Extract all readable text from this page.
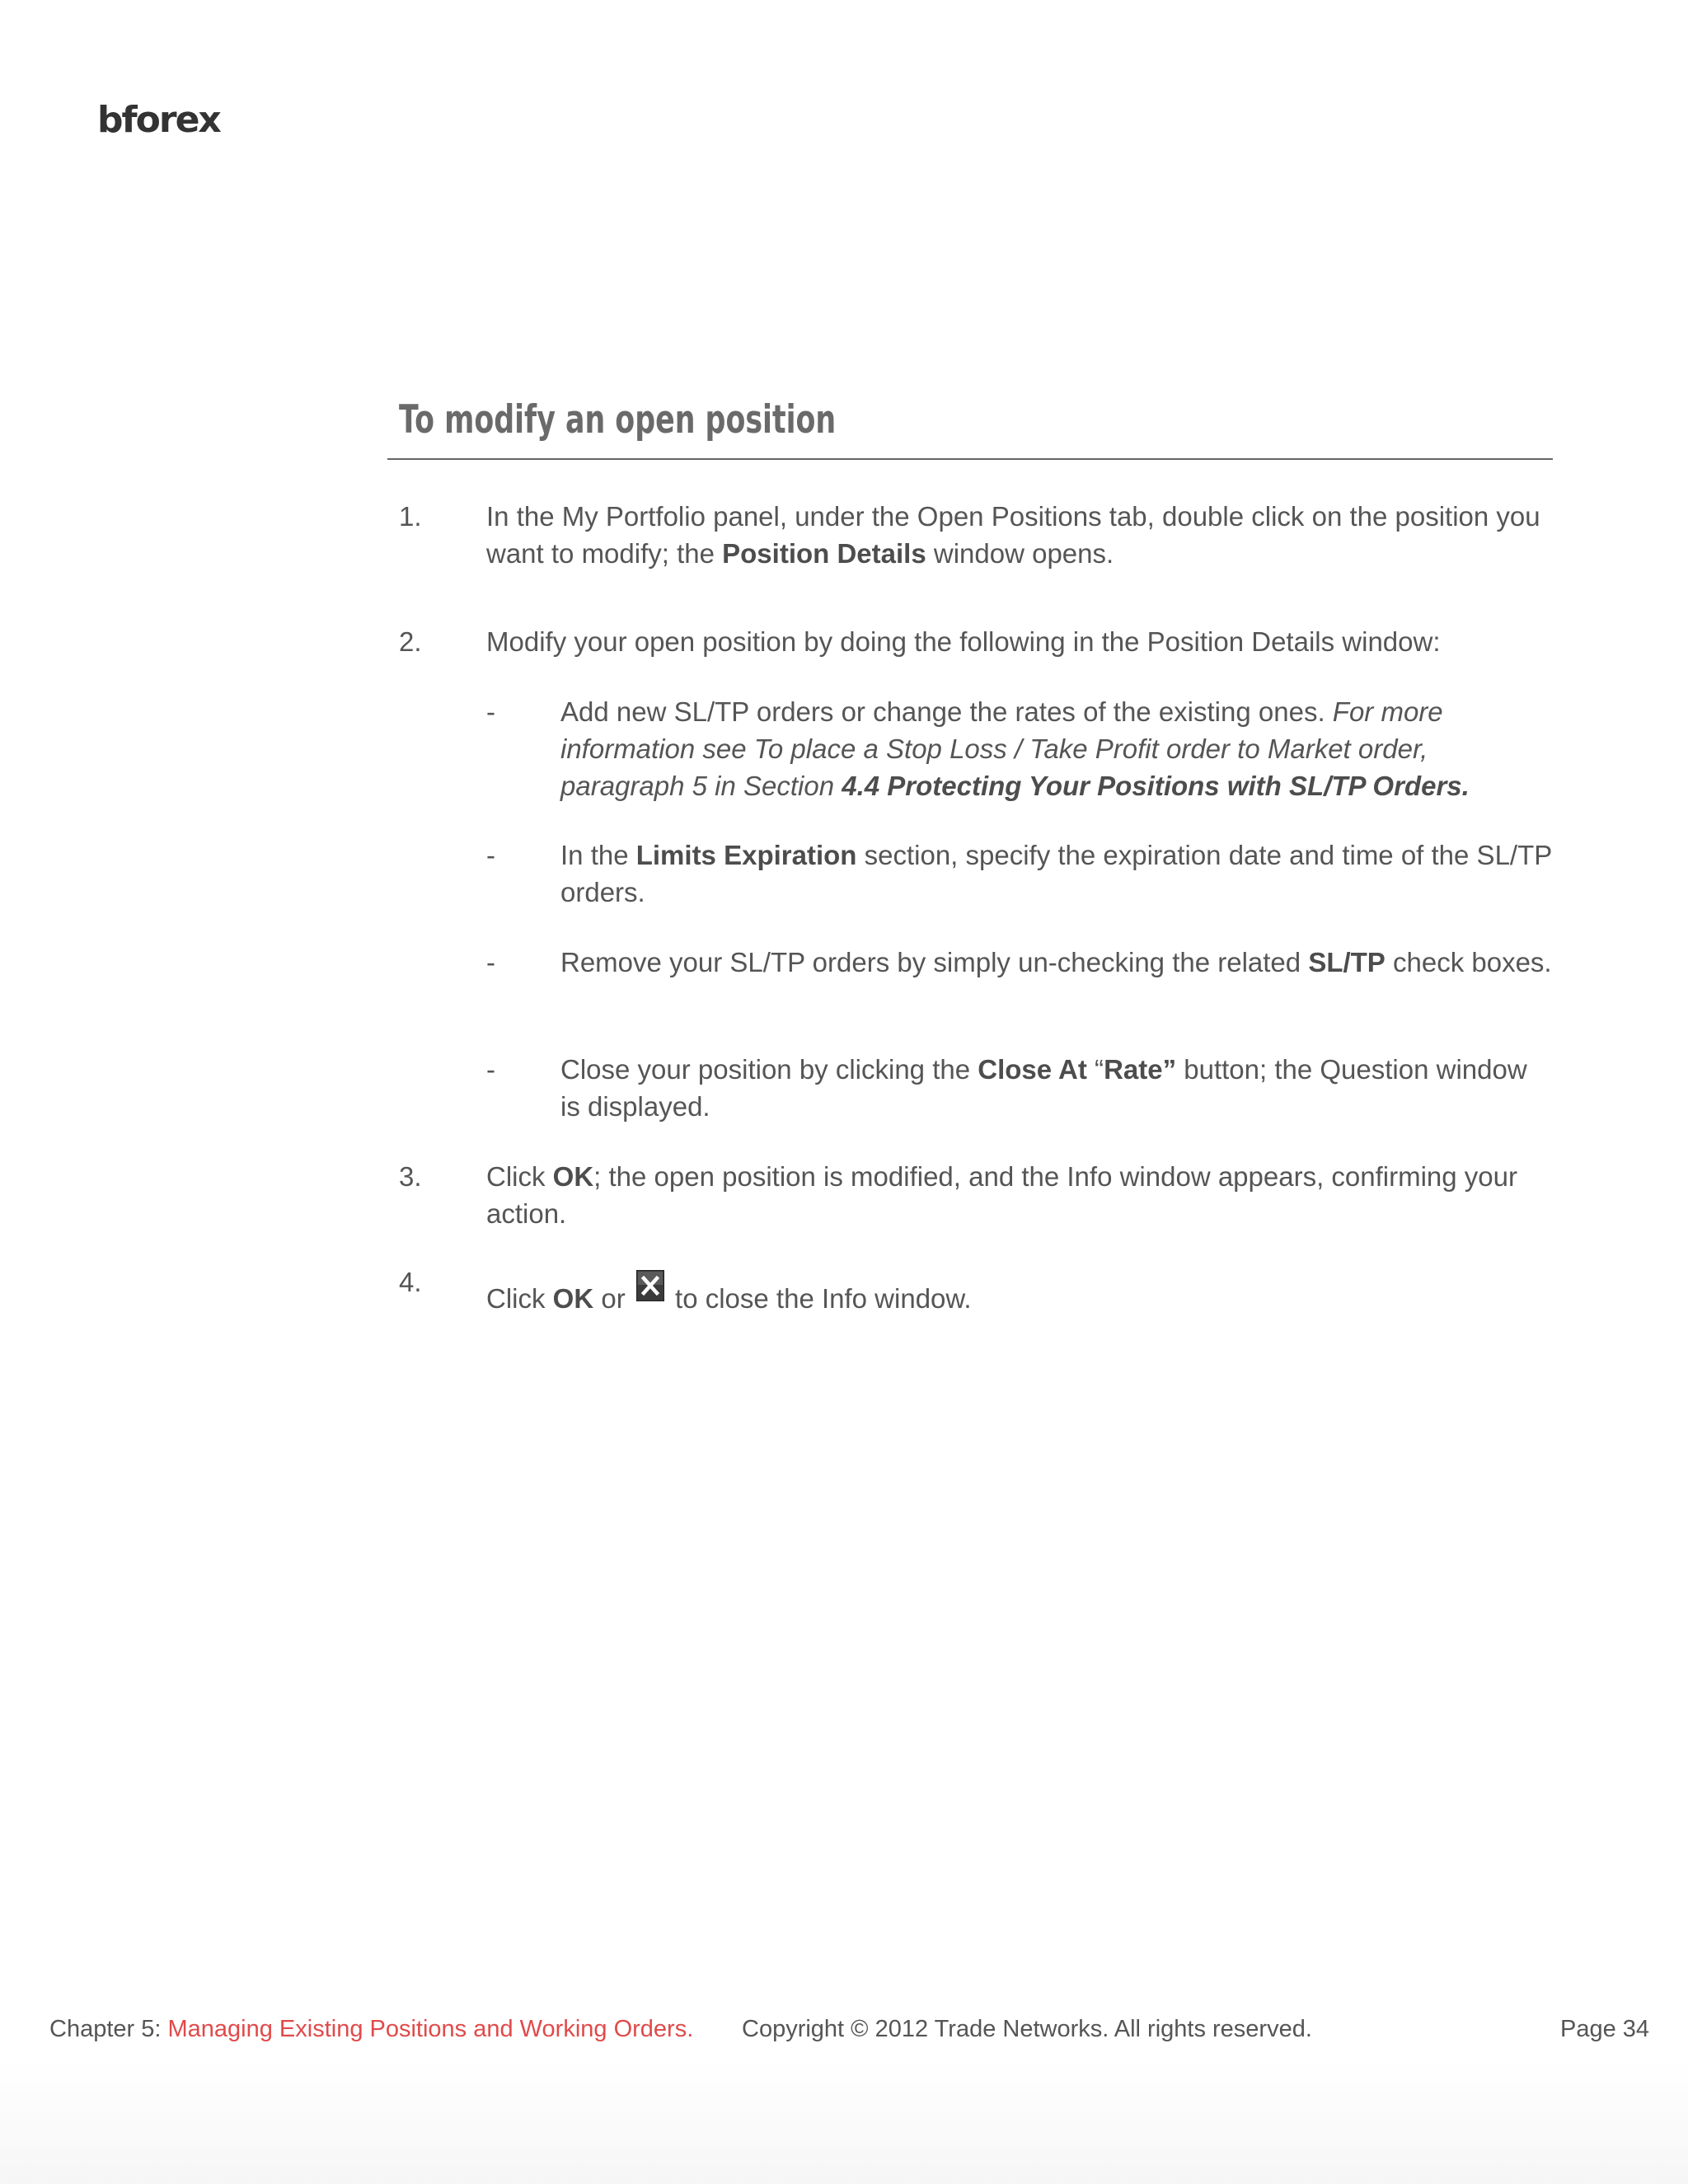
bforex
To modify an open position
1. In the My Portfolio panel, under the Open Positions tab, double click on the position you want to modify; the Position Details window opens.
2. Modify your open position by doing the following in the Position Details window:
- Add new SL/TP orders or change the rates of the existing ones. For more information see To place a Stop Loss / Take Profit order to Market order, paragraph 5 in Section 4.4 Protecting Your Positions with SL/TP Orders.
- In the Limits Expiration section, specify the expiration date and time of the SL/TP orders.
- Remove your SL/TP orders by simply un-checking the related SL/TP check boxes.
- Close your position by clicking the Close At “Rate” button; the Question window is displayed.
3. Click OK; the open position is modified, and the Info window appears, confirming your action.
4.
Click OK or  to close the Info window.
Chapter 5: Managing Existing Positions and Working Orders. Copyright © 2012 Trade Networks. All rights reserved.	Page 34
